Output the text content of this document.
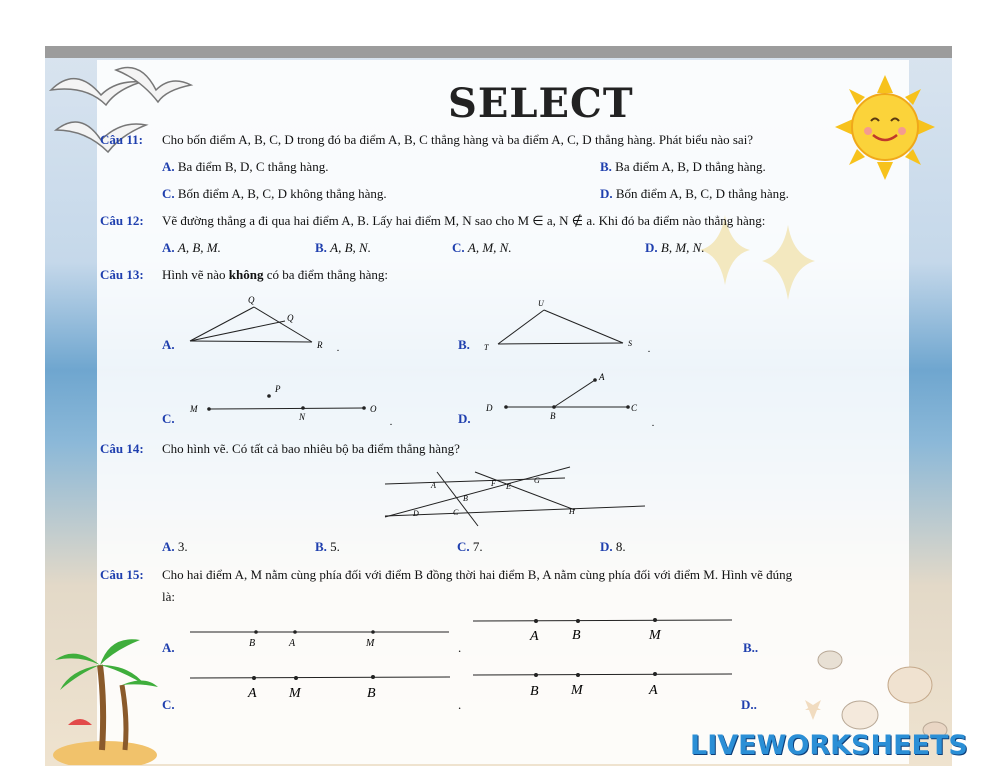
LIVEWORKSHEETS
SELECT
Câu 11: Cho bốn điểm A, B, C, D trong đó ba điểm A, B, C thẳng hàng và ba điểm A, C, D thẳng hàng. Phát biểu nào sai?
A. Ba điểm B, D, C thẳng hàng.	B. Ba điểm A, B, D thẳng hàng.
C. Bốn điểm A, B, C, D không thẳng hàng.	D. Bốn điểm A, B, C, D thẳng hàng.
Câu 12: Vẽ đường thẳng a đi qua hai điểm A, B. Lấy hai điểm M, N sao cho M ∈ a, N ∉ a. Khi đó ba điểm nào thẳng hàng:
A. A, B, M.	B. A, B, N.	C. A, M, N.	D. B, M, N.
Câu 13: Hình vẽ nào không có ba điểm thẳng hàng:
A.
Q
Q
R .	B.
U
T	S
.
C.
P
M
N
O
.	D.
A
D
B
C
.
Câu 14: Cho hình vẽ. Có tất cả bao nhiêu bộ ba điểm thẳng hàng?
A	F E
G
B
D	C	H
A. 3.	B. 5.	C. 7.	D. 8.
Câu 15: Cho hai điểm A, M nằm cùng phía đối với điểm B đồng thời hai điểm B, A nằm cùng phía đối với điểm M. Hình vẽ đúng
là:
A.	B	A	M	.
A B	M
B..
C.
A M	B
.
B M	A
D..
